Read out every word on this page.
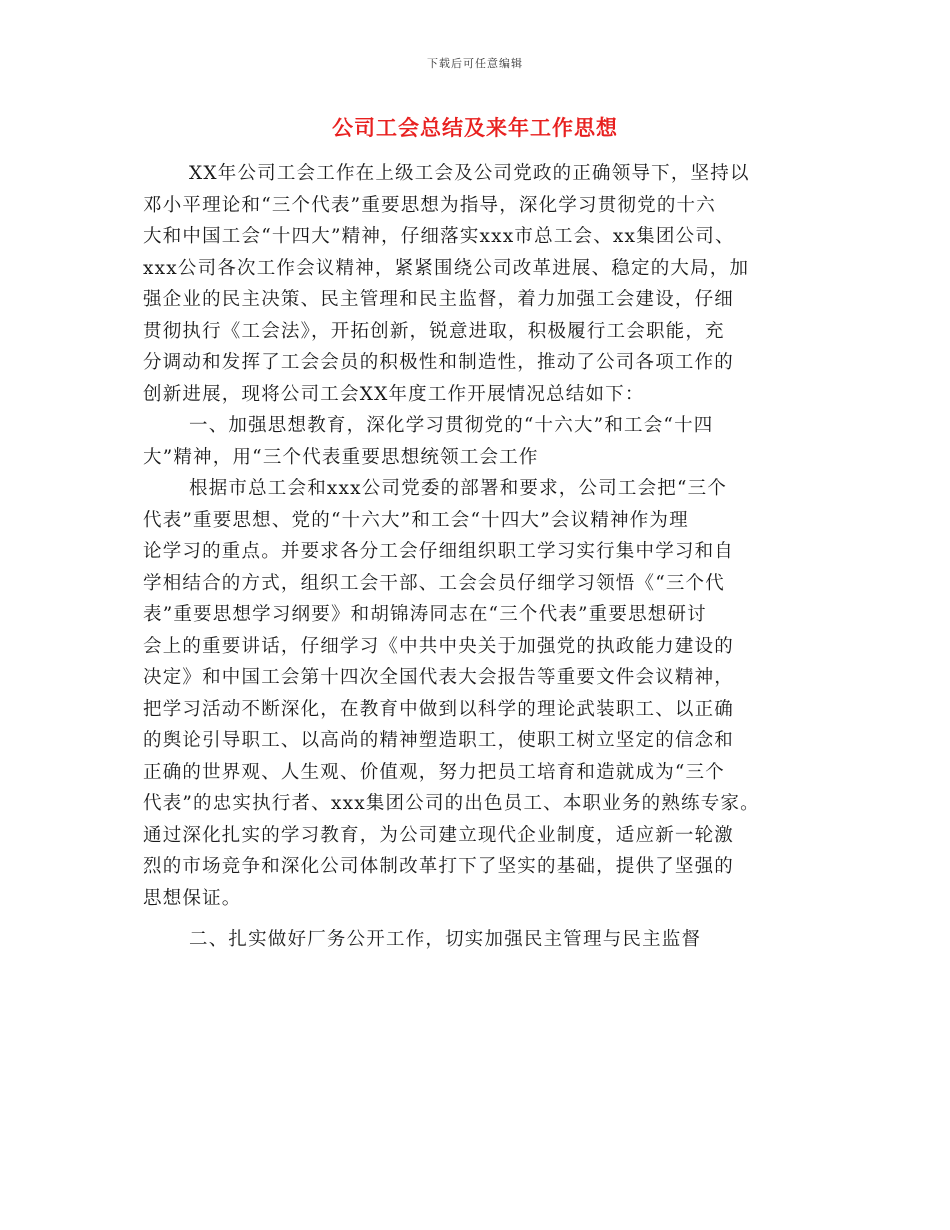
下载后可任意编辑
公司工会总结及来年工作思想
XX年公司工会工作在上级工会及公司党政的正确领导下，坚持以
邓小平理论和“三个代表”重要思想为指导，深化学习贯彻党的十六
大和中国工会“十四大”精神，仔细落实xxx市总工会、xx集团公司、
xxx公司各次工作会议精神，紧紧围绕公司改革进展、稳定的大局，加
强企业的民主决策、民主管理和民主监督，着力加强工会建设，仔细
贯彻执行《工会法》，开拓创新，锐意进取，积极履行工会职能，充
分调动和发挥了工会会员的积极性和制造性，推动了公司各项工作的
创新进展，现将公司工会XX年度工作开展情况总结如下：
一、加强思想教育，深化学习贯彻党的“十六大”和工会“十四
大”精神，用“三个代表重要思想统领工会工作
根据市总工会和xxx公司党委的部署和要求，公司工会把“三个
代表”重要思想、党的“十六大”和工会“十四大”会议精神作为理
论学习的重点。并要求各分工会仔细组织职工学习实行集中学习和自
学相结合的方式，组织工会干部、工会会员仔细学习领悟《“三个代
表”重要思想学习纲要》和胡锦涛同志在“三个代表”重要思想研讨
会上的重要讲话，仔细学习《中共中央关于加强党的执政能力建设的
决定》和中国工会第十四次全国代表大会报告等重要文件会议精神，
把学习活动不断深化，在教育中做到以科学的理论武装职工、以正确
的舆论引导职工、以高尚的精神塑造职工，使职工树立坚定的信念和
正确的世界观、人生观、价值观，努力把员工培育和造就成为“三个
代表”的忠实执行者、xxx集团公司的出色员工、本职业务的熟练专家。
通过深化扎实的学习教育，为公司建立现代企业制度，适应新一轮激
烈的市场竞争和深化公司体制改革打下了坚实的基础，提供了坚强的
思想保证。
二、扎实做好厂务公开工作，切实加强民主管理与民主监督
